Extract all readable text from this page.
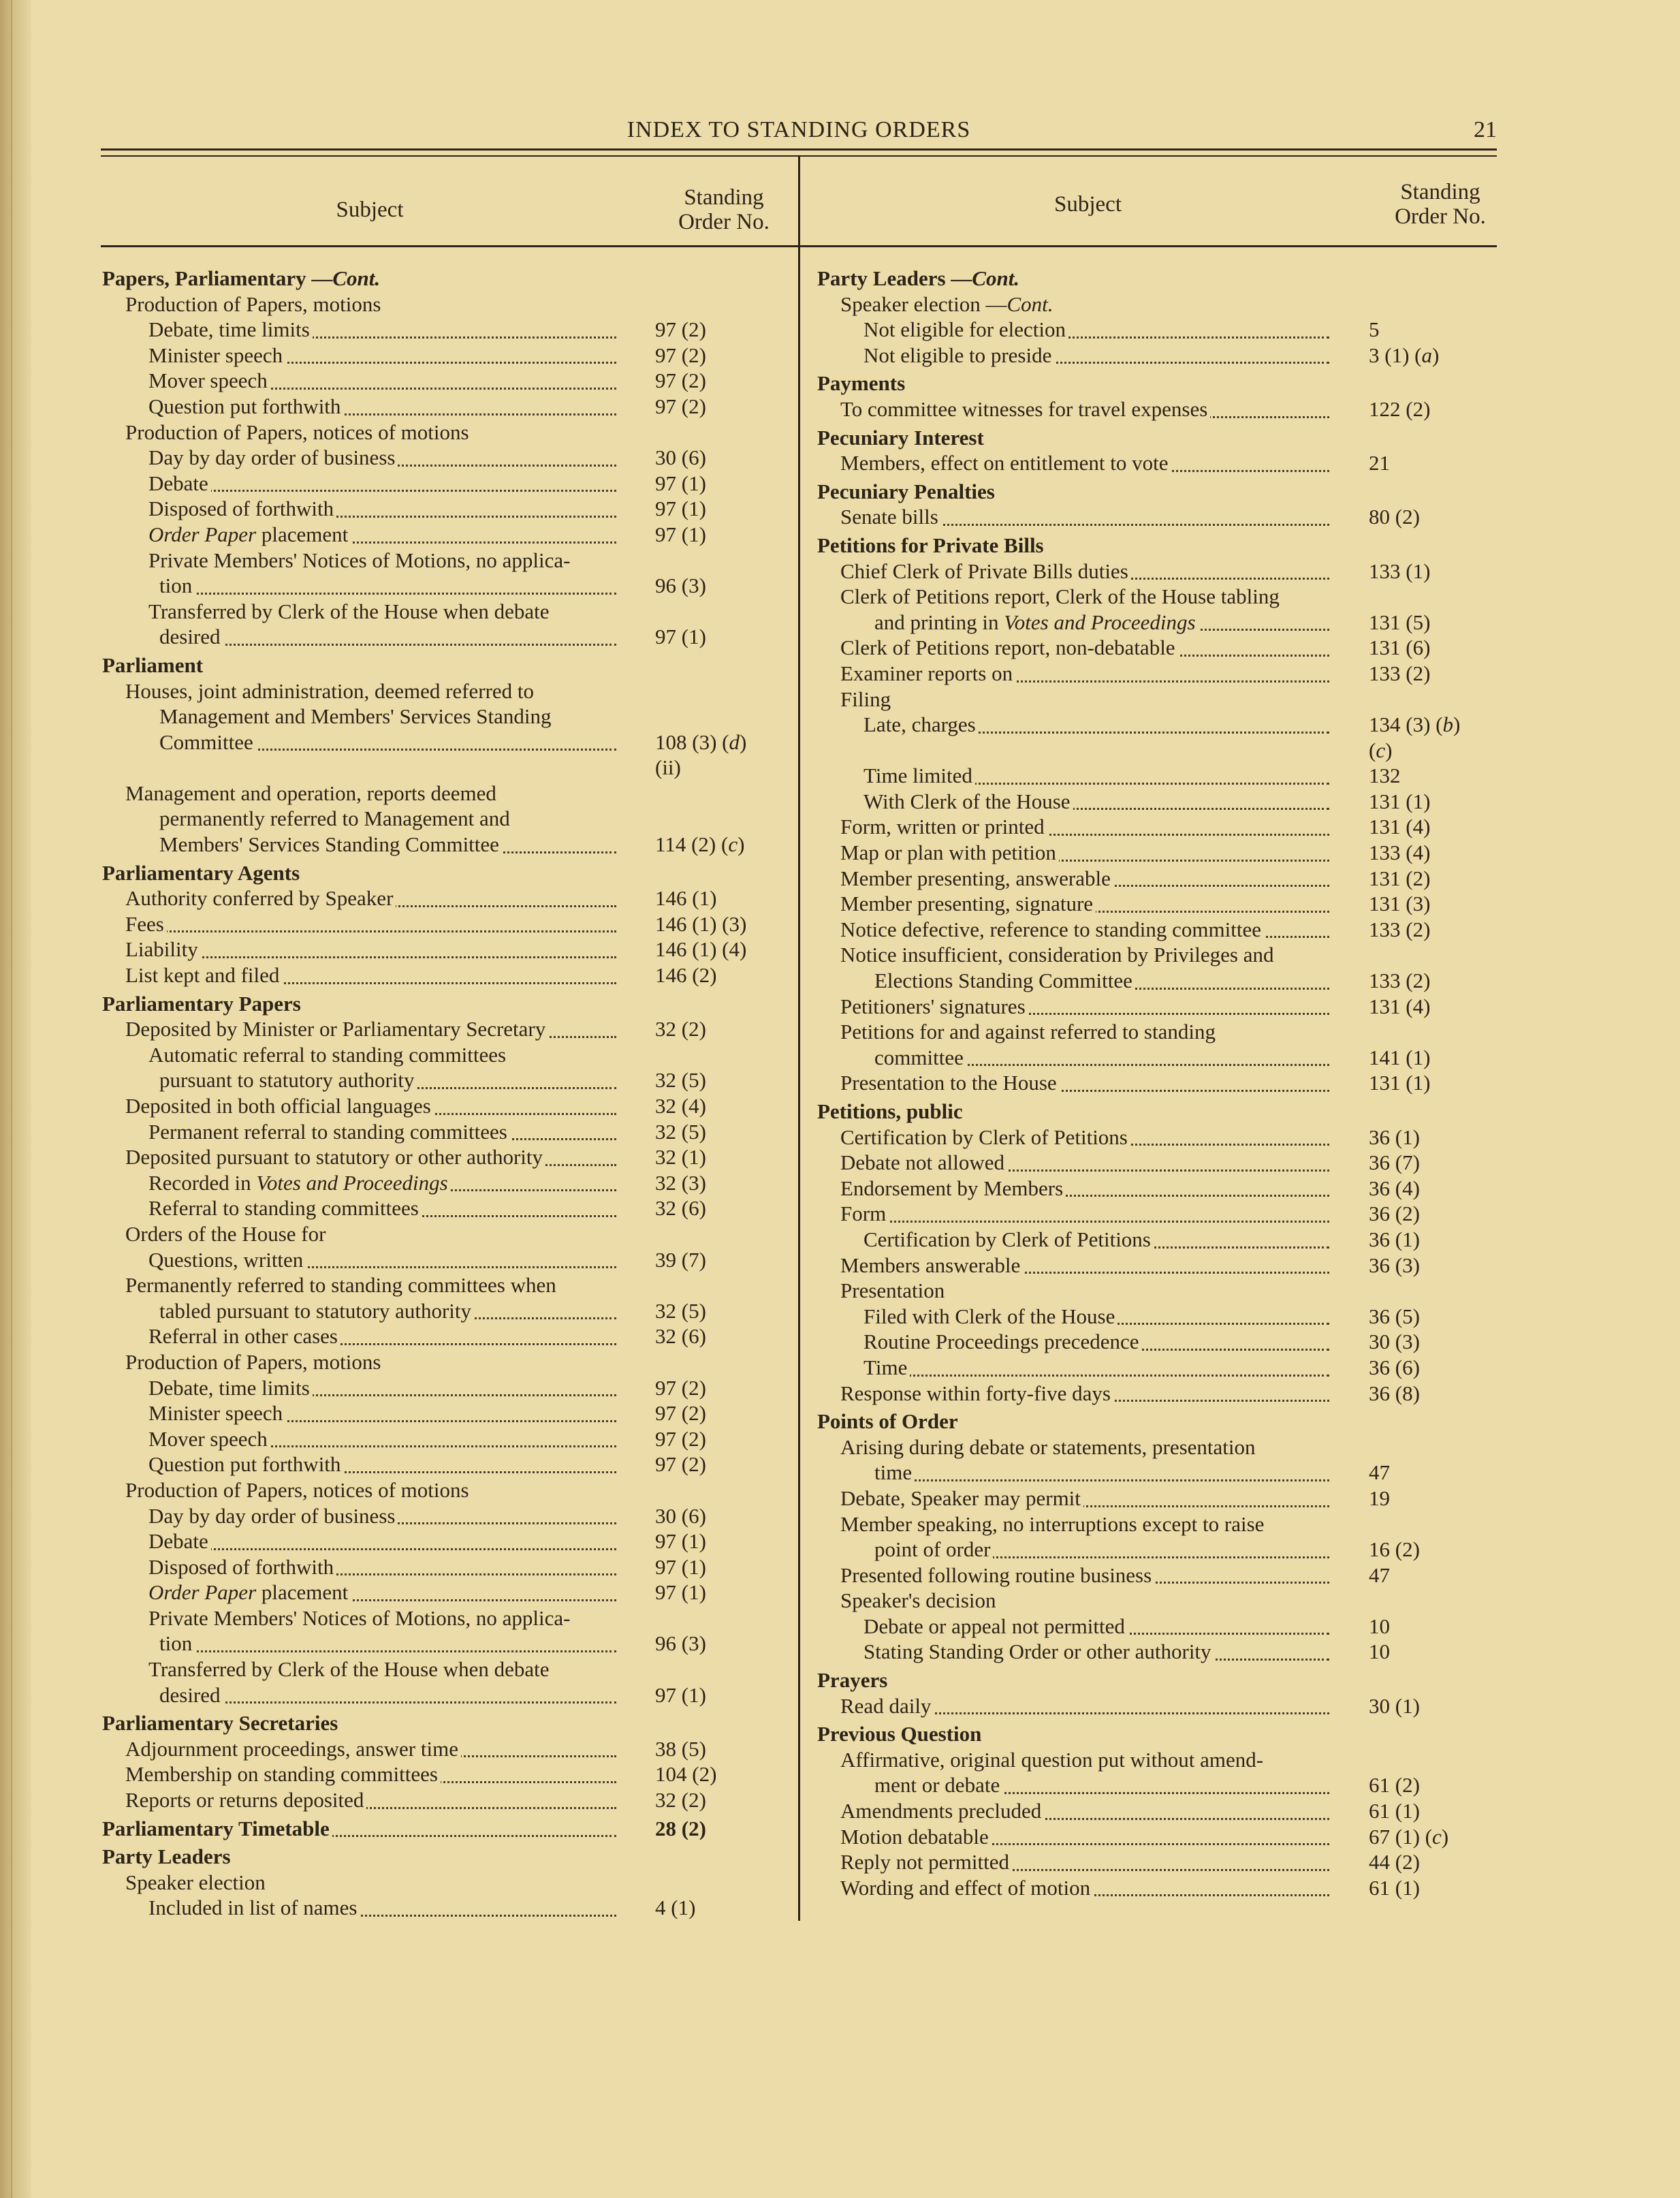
INDEX TO STANDING ORDERS	21
Subject	Standing
Order No.
Subject	Standing
Order No.
Papers, Parliamentary —Cont.
Production of Papers, motions
Debate, time limits	97 (2)
Minister speech	97 (2)
Mover speech	97 (2)
Question put forthwith	97 (2)
Production of Papers, notices of motions
Day by day order of business	30 (6)
Debate	97 (1)
Disposed of forthwith	97 (1)
Order Paper placement	97 (1)
Private Members' Notices of Motions, no applica-
tion	96 (3)
Transferred by Clerk of the House when debate
desired	97 (1)
Parliament
Houses, joint administration, deemed referred to
Management and Members' Services Standing
Committee	108 (3) (d)

(ii)
Management and operation, reports deemed
permanently referred to Management and
Members' Services Standing Committee	114 (2) (c)
Parliamentary Agents
Authority conferred by Speaker	146 (1)
Fees	146 (1) (3)
Liability	146 (1) (4)
List kept and filed	146 (2)
Parliamentary Papers
Deposited by Minister or Parliamentary Secretary	32 (2)
Automatic referral to standing committees
pursuant to statutory authority	32 (5)
Deposited in both official languages	32 (4)
Permanent referral to standing committees	32 (5)
Deposited pursuant to statutory or other authority	32 (1)
Recorded in Votes and Proceedings	32 (3)
Referral to standing committees	32 (6)
Orders of the House for
Questions, written	39 (7)
Permanently referred to standing committees when
tabled pursuant to statutory authority	32 (5)
Referral in other cases	32 (6)
Production of Papers, motions
Debate, time limits	97 (2)
Minister speech	97 (2)
Mover speech	97 (2)
Question put forthwith	97 (2)
Production of Papers, notices of motions
Day by day order of business	30 (6)
Debate	97 (1)
Disposed of forthwith	97 (1)
Order Paper placement	97 (1)
Private Members' Notices of Motions, no applica-
tion	96 (3)
Transferred by Clerk of the House when debate
desired	97 (1)
Parliamentary Secretaries
Adjournment proceedings, answer time	38 (5)
Membership on standing committees	104 (2)
Reports or returns deposited	32 (2)
Parliamentary Timetable	28 (2)
Party Leaders
Speaker election
Included in list of names	4 (1)
Party Leaders —Cont.
Speaker election —Cont.
Not eligible for election	5
Not eligible to preside	3 (1) (a)
Payments
To committee witnesses for travel expenses	122 (2)
Pecuniary Interest
Members, effect on entitlement to vote	21
Pecuniary Penalties
Senate bills	80 (2)
Petitions for Private Bills
Chief Clerk of Private Bills duties	133 (1)
Clerk of Petitions report, Clerk of the House tabling
and printing in Votes and Proceedings	131 (5)
Clerk of Petitions report, non-debatable	131 (6)
Examiner reports on	133 (2)
Filing
Late, charges	134 (3) (b)

(c)
Time limited	132
With Clerk of the House	131 (1)
Form, written or printed	131 (4)
Map or plan with petition	133 (4)
Member presenting, answerable	131 (2)
Member presenting, signature	131 (3)
Notice defective, reference to standing committee	133 (2)
Notice insufficient, consideration by Privileges and
Elections Standing Committee	133 (2)
Petitioners' signatures	131 (4)
Petitions for and against referred to standing
committee	141 (1)
Presentation to the House	131 (1)
Petitions, public
Certification by Clerk of Petitions	36 (1)
Debate not allowed	36 (7)
Endorsement by Members	36 (4)
Form	36 (2)
Certification by Clerk of Petitions	36 (1)
Members answerable	36 (3)
Presentation
Filed with Clerk of the House	36 (5)
Routine Proceedings precedence	30 (3)
Time	36 (6)
Response within forty-five days	36 (8)
Points of Order
Arising during debate or statements, presentation
time	47
Debate, Speaker may permit	19
Member speaking, no interruptions except to raise
point of order	16 (2)
Presented following routine business	47
Speaker's decision
Debate or appeal not permitted	10
Stating Standing Order or other authority	10
Prayers
Read daily	30 (1)
Previous Question
Affirmative, original question put without amend-
ment or debate	61 (2)
Amendments precluded	61 (1)
Motion debatable	67 (1) (c)
Reply not permitted	44 (2)
Wording and effect of motion	61 (1)
